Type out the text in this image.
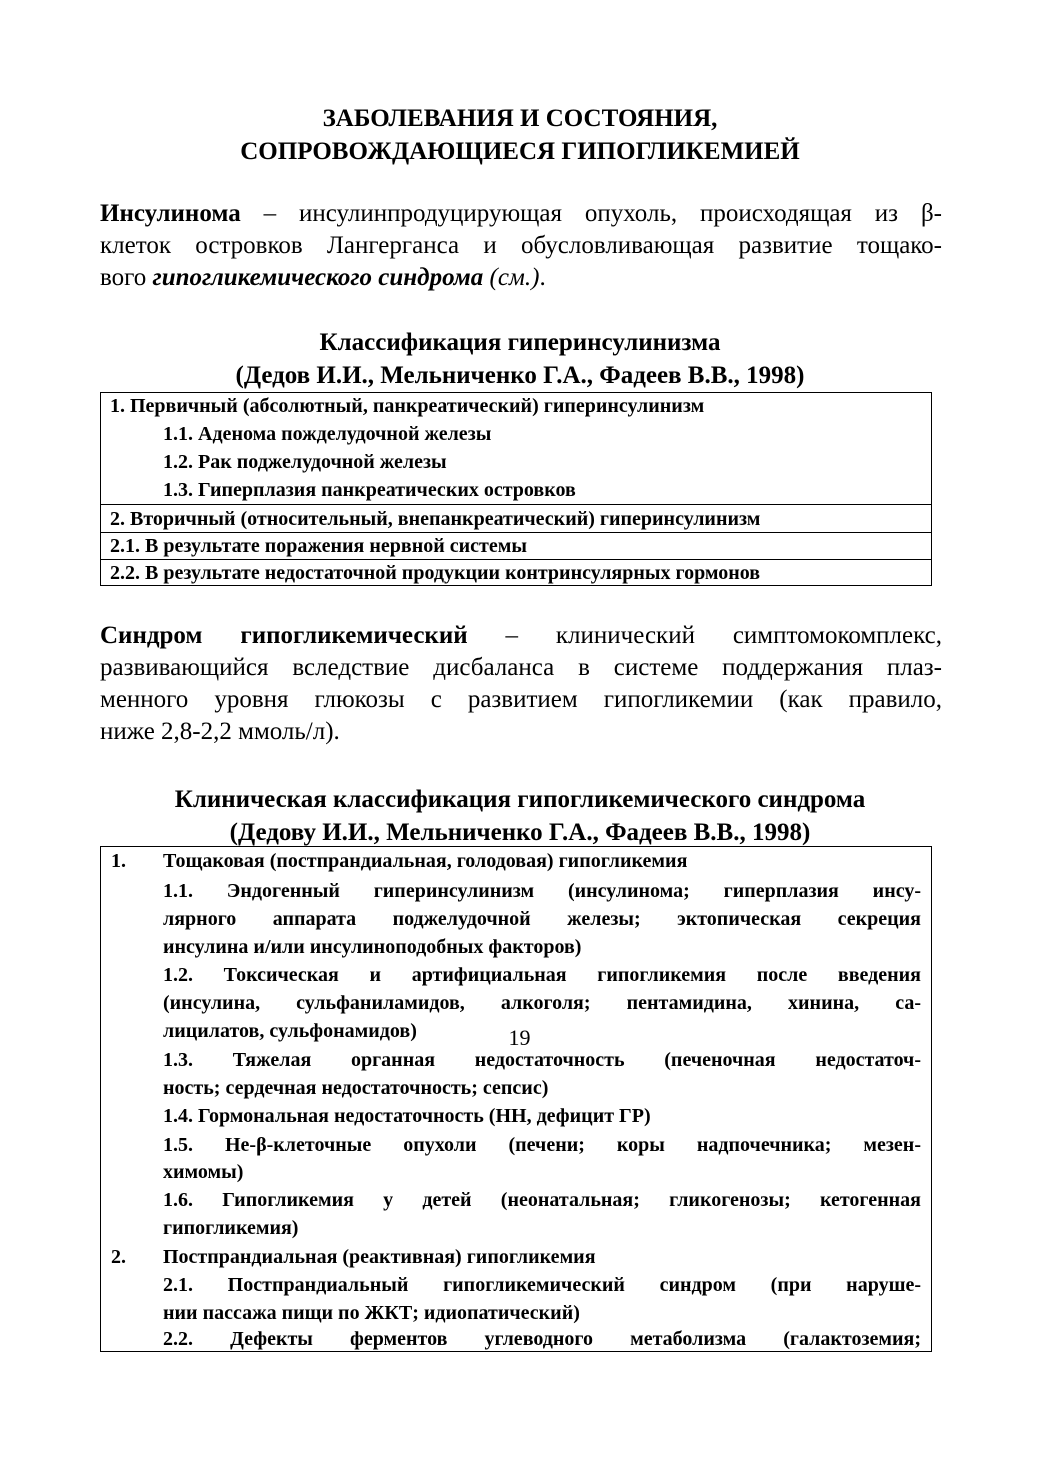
ЗАБОЛЕВАНИЯ И СОСТОЯНИЯ,
СОПРОВОЖДАЮЩИЕСЯ ГИПОГЛИКЕМИЕЙ
Инсулинома – инсулинпродуцирующая опухоль, происходящая из β-
клеток островков Лангерганса и обусловливающая развитие тощако-
вого гипогликемического синдрома (см.).
Классификация гиперинсулинизма
(Дедов И.И., Мельниченко Г.А., Фадеев В.В., 1998)
1. Первичный (абсолютный, панкреатический) гиперинсулинизм
1.1. Аденома пожделудочной железы
1.2. Рак поджелудочной железы
1.3. Гиперплазия панкреатических островков
2. Вторичный (относительный, внепанкреатический) гиперинсулинизм
2.1. В результате поражения нервной системы
2.2. В результате недостаточной продукции контринсулярных гормонов
Синдром гипогликемический – клинический симптомокомплекс,
развивающийся вследствие дисбаланса в системе поддержания плаз-
менного уровня глюкозы с развитием гипогликемии (как правило,
ниже 2,8-2,2 ммоль/л).
Клиническая классификация гипогликемического синдрома
(Дедову И.И., Мельниченко Г.А., Фадеев В.В., 1998)
1. Тощаковая (постпрандиальная, голодовая) гипогликемия
1.1. Эндогенный гиперинсулинизм (инсулинома; гиперплазия инсу-
лярного аппарата поджелудочной железы; эктопическая секреция
инсулина и/или инсулиноподобных факторов)
1.2. Токсическая и артифициальная гипогликемия после введения
(инсулина, сульфаниламидов, алкоголя; пентамидина, хинина, са-
лицилатов, сульфонамидов)
1.3. Тяжелая органная недостаточность (печеночная недостаточ-
ность; сердечная недостаточность; сепсис)
1.4. Гормональная недостаточность (НН, дефицит ГР)
1.5. Не-β-клеточные опухоли (печени; коры надпочечника; мезен-
химомы)
1.6. Гипогликемия у детей (неонатальная; гликогенозы; кетогенная
гипогликемия)
2. Постпрандиальная (реактивная) гипогликемия
2.1. Постпрандиальный гипогликемический синдром (при наруше-
нии пассажа пищи по ЖКТ; идиопатический)
2.2. Дефекты ферментов углеводного метаболизма (галактоземия;
19
